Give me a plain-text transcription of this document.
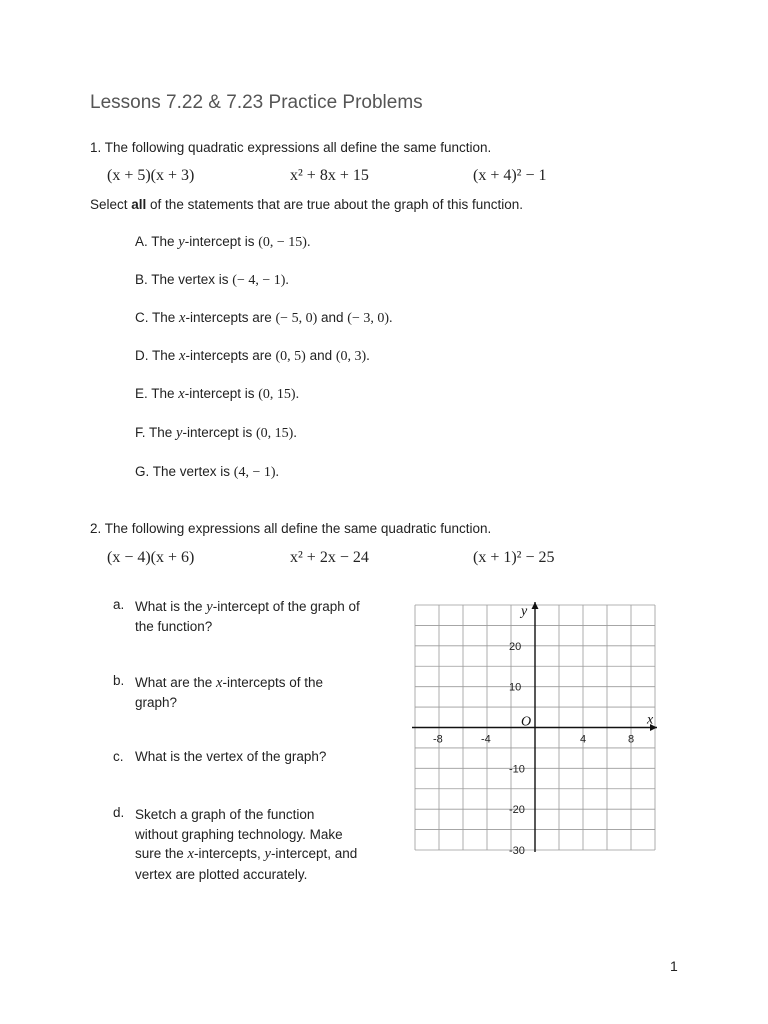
Lessons 7.22 & 7.23 Practice Problems
1. The following quadratic expressions all define the same function.
(x + 5)(x + 3)	x² + 8x + 15	(x + 4)² − 1
Select all of the statements that are true about the graph of this function.
A. The y-intercept is (0, − 15).
B. The vertex is (− 4, − 1).
C. The x-intercepts are (− 5, 0) and (− 3, 0).
D. The x-intercepts are (0, 5) and (0, 3).
E. The x-intercept is (0, 15).
F. The y-intercept is (0, 15).
G. The vertex is (4, − 1).
2. The following expressions all define the same quadratic function.
(x − 4)(x + 6)	x² + 2x − 24	(x + 1)² − 25
a. What is the y-intercept of the graph of the function?
b. What are the x-intercepts of the graph?
c. What is the vertex of the graph?
d. Sketch a graph of the function without graphing technology. Make sure the x-intercepts, y-intercept, and vertex are plotted accurately.
x
y
O
-8	-4	4	8
20
10
-10
-20
-30
1
